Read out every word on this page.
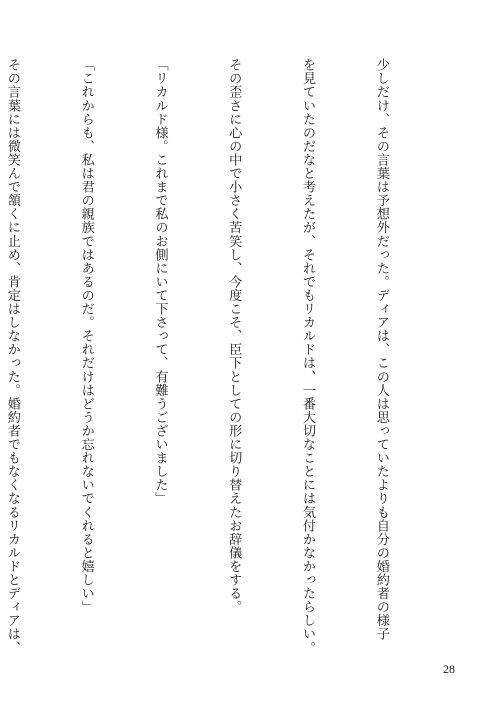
少しだけ、その言葉は予想外だった。ディアは、この人は思っていたよりも自分の婚約者の様子

を見ていたのだなと考えたが、それでもリカルドは、一番大切なことには気付かなかったらしい。

その歪さに心の中で小さく苦笑し、今度こそ、臣下としての形に切り替えたお辞儀をする。

「リカルド様。これまで私のお側にいて下さって、有難うございました」

「これからも、私は君の親族ではあるのだ。それだけはどうか忘れないでくれると嬉しい」

その言葉には微笑んで頷くに止め、肯定はしなかった。婚約者でもなくなるリカルドとディアは、

28
